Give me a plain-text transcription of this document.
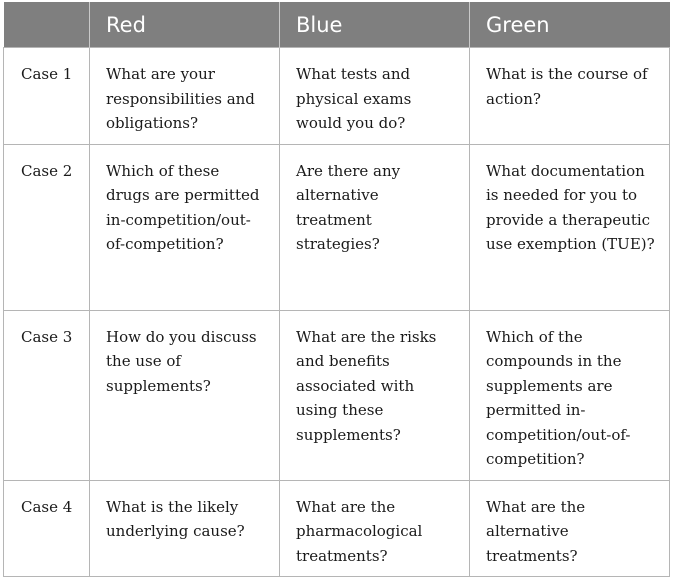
	Red	Blue	Green
Case 1	What are your responsibilities and obligations?	What tests and physical exams would you do?	What is the course of action?
Case 2	Which of these drugs are permitted in-competition/out-of-competition?	Are there any alternative treatment strategies?	What documentation is needed for you to provide a therapeutic use exemption (TUE)?
Case 3	How do you discuss the use of supplements?	What are the risks and benefits associated with using these supplements?	Which of the compounds in the supplements are permitted in-competition/out-of-competition?
Case 4	What is the likely underlying cause?	What are the pharmacological treatments?	What are the alternative treatments?
